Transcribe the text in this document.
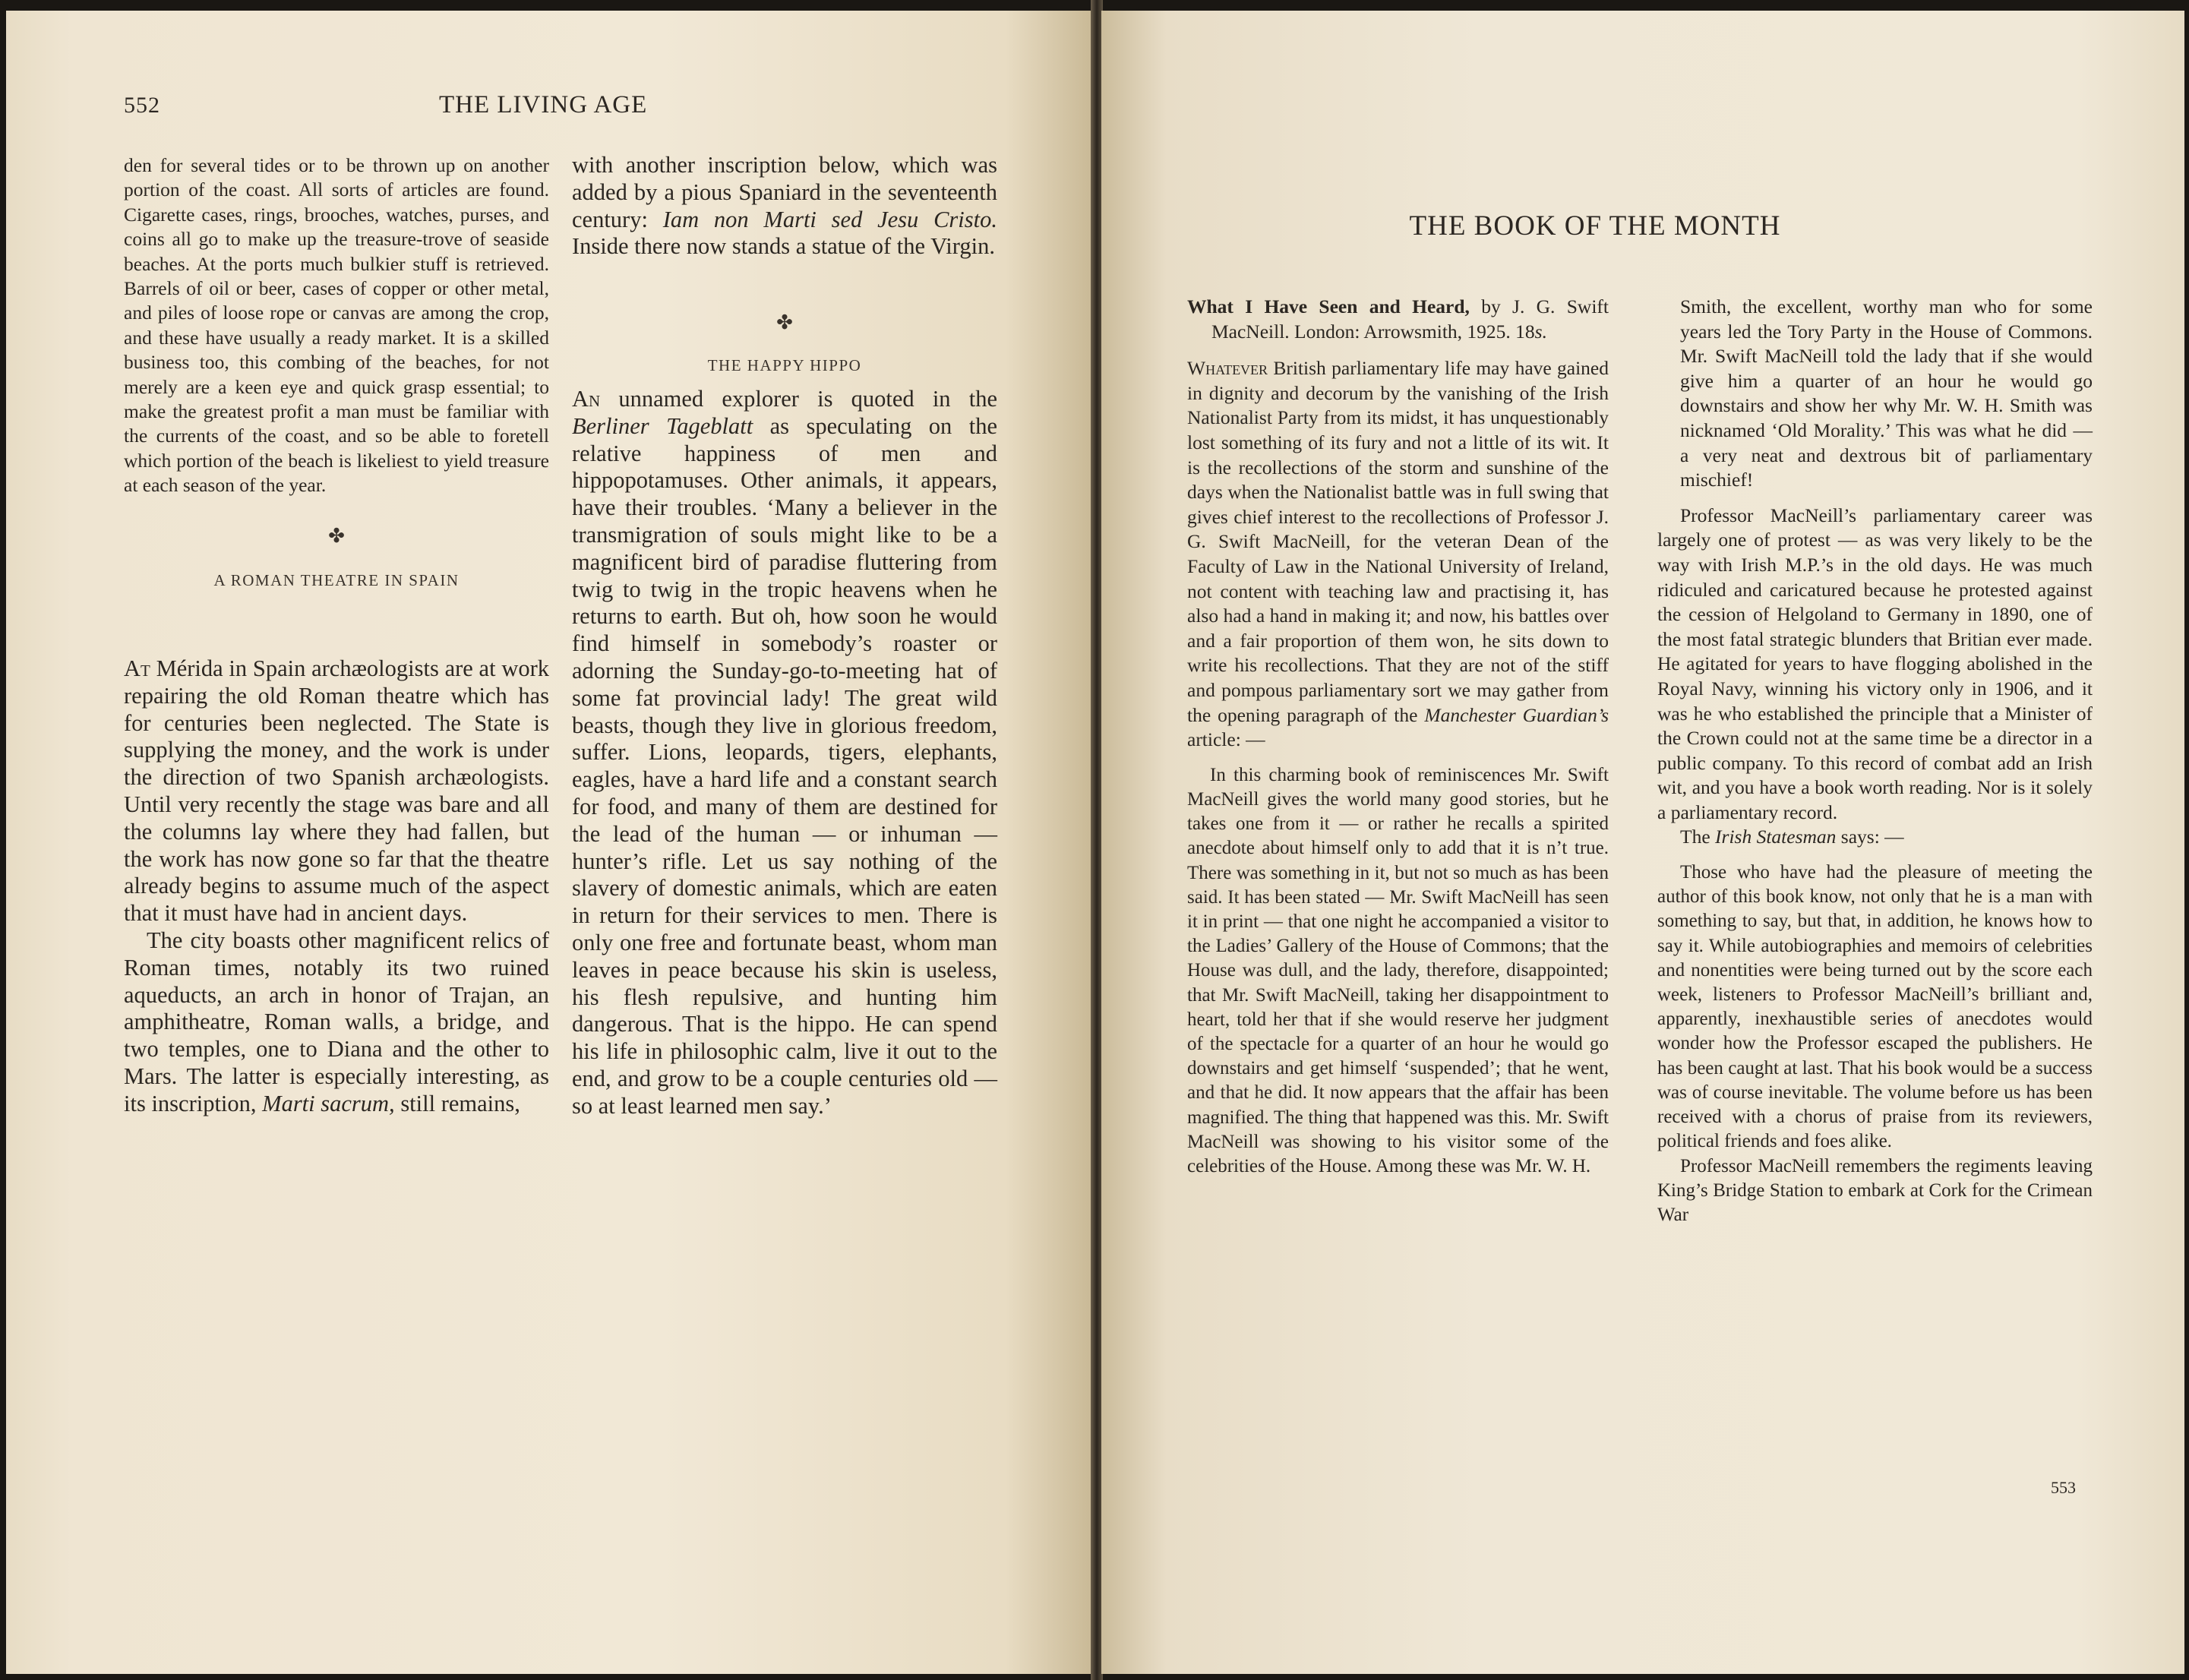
552	THE LIVING AGE

den for several tides or to be thrown up on another portion of the coast. All sorts of articles are found. Cigarette cases, rings, brooches, watches, purses, and coins all go to make up the treasure-trove of seaside beaches. At the ports much bulkier stuff is retrieved. Barrels of oil or beer, cases of copper or other metal, and piles of loose rope or canvas are among the crop, and these have usually a ready market. It is a skilled business too, this combing of the beaches, for not merely are a keen eye and quick grasp essential; to make the greatest profit a man must be familiar with the currents of the coast, and so be able to foretell which portion of the beach is likeliest to yield treasure at each season of the year.

✤
A ROMAN THEATRE IN SPAIN

At Mérida in Spain archæologists are at work repairing the old Roman theatre which has for centuries been neglected. The State is supplying the money, and the work is under the direction of two Spanish archæologists. Until very recently the stage was bare and all the columns lay where they had fallen, but the work has now gone so far that the theatre already begins to assume much of the aspect that it must have had in ancient days.

The city boasts other magnificent relics of Roman times, notably its two ruined aqueducts, an arch in honor of Trajan, an amphitheatre, Roman walls, a bridge, and two temples, one to Diana and the other to Mars. The latter is especially interesting, as its inscription, Marti sacrum, still remains,

with another inscription below, which was added by a pious Spaniard in the seventeenth century: Iam non Marti sed Jesu Cristo. Inside there now stands a statue of the Virgin.

✤
THE HAPPY HIPPO

An unnamed explorer is quoted in the Berliner Tageblatt as speculating on the relative happiness of men and hippopotamuses. Other animals, it appears, have their troubles. ‘Many a believer in the transmigration of souls might like to be a magnificent bird of paradise fluttering from twig to twig in the tropic heavens when he returns to earth. But oh, how soon he would find himself in somebody’s roaster or adorning the Sunday-go-to-meeting hat of some fat provincial lady! The great wild beasts, though they live in glorious freedom, suffer. Lions, leopards, tigers, elephants, eagles, have a hard life and a constant search for food, and many of them are destined for the lead of the human — or inhuman — hunter’s rifle. Let us say nothing of the slavery of domestic animals, which are eaten in return for their services to men. There is only one free and fortunate beast, whom man leaves in peace because his skin is useless, his flesh repulsive, and hunting him dangerous. That is the hippo. He can spend his life in philosophic calm, live it out to the end, and grow to be a couple centuries old — so at least learned men say.’

THE BOOK OF THE MONTH

What I Have Seen and Heard, by J. G. Swift MacNeill. London: Arrowsmith, 1925. 18s.

Whatever British parliamentary life may have gained in dignity and decorum by the vanishing of the Irish Nationalist Party from its midst, it has unquestionably lost something of its fury and not a little of its wit. It is the recollections of the storm and sunshine of the days when the Nationalist battle was in full swing that gives chief interest to the recollections of Professor J. G. Swift MacNeill, for the veteran Dean of the Faculty of Law in the National University of Ireland, not content with teaching law and practising it, has also had a hand in making it; and now, his battles over and a fair proportion of them won, he sits down to write his recollections. That they are not of the stiff and pompous parliamentary sort we may gather from the opening paragraph of the Manchester Guardian’s article: —

In this charming book of reminiscences Mr. Swift MacNeill gives the world many good stories, but he takes one from it — or rather he recalls a spirited anecdote about himself only to add that it is n’t true. There was something in it, but not so much as has been said. It has been stated — Mr. Swift MacNeill has seen it in print — that one night he accompanied a visitor to the Ladies’ Gallery of the House of Commons; that the House was dull, and the lady, therefore, disappointed; that Mr. Swift MacNeill, taking her disappointment to heart, told her that if she would reserve her judgment of the spectacle for a quarter of an hour he would go downstairs and get himself ‘suspended’; that he went, and that he did. It now appears that the affair has been magnified. The thing that happened was this. Mr. Swift MacNeill was showing to his visitor some of the celebrities of the House. Among these was Mr. W. H.

Smith, the excellent, worthy man who for some years led the Tory Party in the House of Commons. Mr. Swift MacNeill told the lady that if she would give him a quarter of an hour he would go downstairs and show her why Mr. W. H. Smith was nicknamed ‘Old Morality.’ This was what he did — a very neat and dextrous bit of parliamentary mischief!

Professor MacNeill’s parliamentary career was largely one of protest — as was very likely to be the way with Irish M.P.’s in the old days. He was much ridiculed and caricatured because he protested against the cession of Helgoland to Germany in 1890, one of the most fatal strategic blunders that Britian ever made. He agitated for years to have flogging abolished in the Royal Navy, winning his victory only in 1906, and it was he who established the principle that a Minister of the Crown could not at the same time be a director in a public company. To this record of combat add an Irish wit, and you have a book worth reading. Nor is it solely a parliamentary record.

The Irish Statesman says: —

Those who have had the pleasure of meeting the author of this book know, not only that he is a man with something to say, but that, in addition, he knows how to say it. While autobiographies and memoirs of celebrities and nonentities were being turned out by the score each week, listeners to Professor MacNeill’s brilliant and, apparently, inexhaustible series of anecdotes would wonder how the Professor escaped the publishers. He has been caught at last. That his book would be a success was of course inevitable. The volume before us has been received with a chorus of praise from its reviewers, political friends and foes alike.

Professor MacNeill remembers the regiments leaving King’s Bridge Station to embark at Cork for the Crimean War

553
